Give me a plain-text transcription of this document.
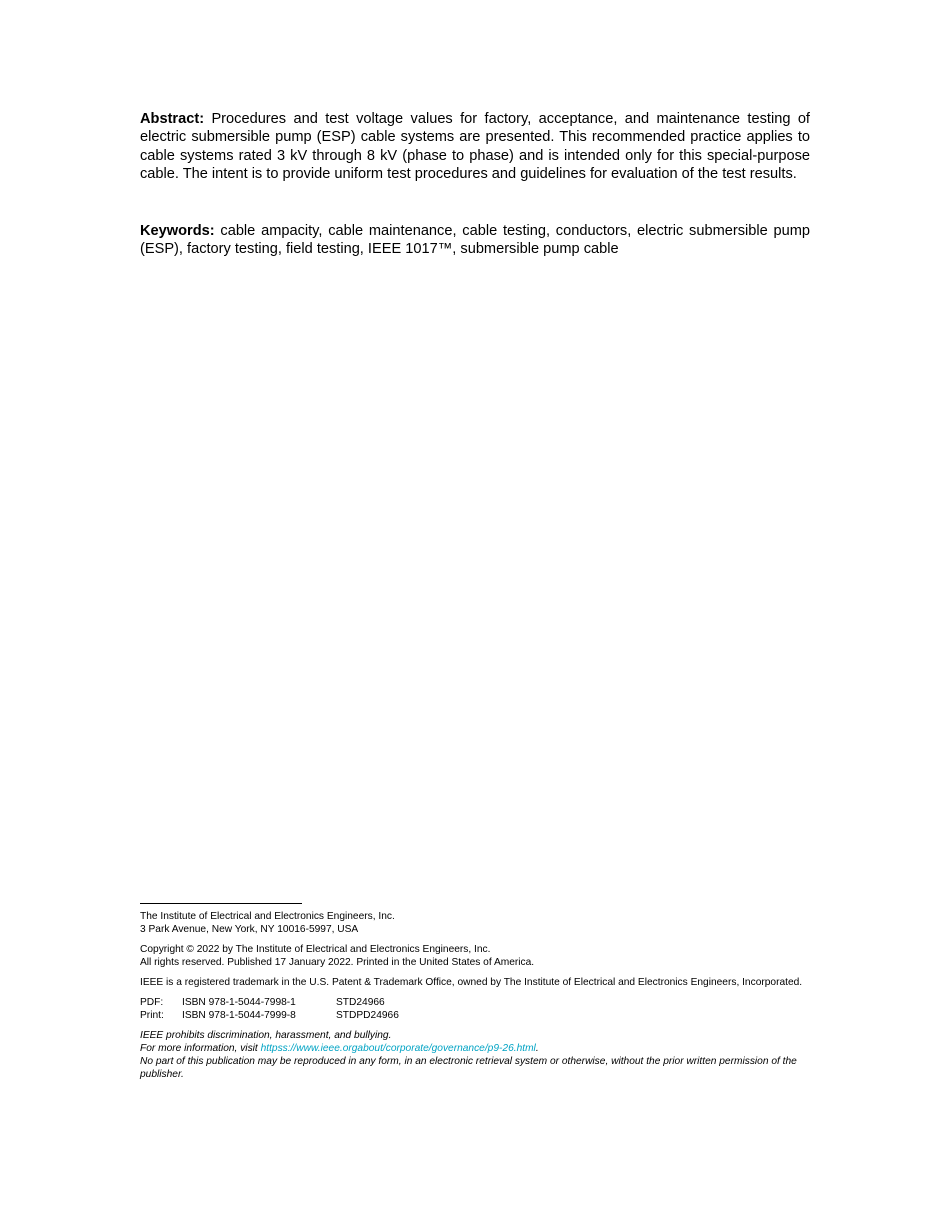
Abstract: Procedures and test voltage values for factory, acceptance, and maintenance testing of electric submersible pump (ESP) cable systems are presented. This recommended practice applies to cable systems rated 3 kV through 8 kV (phase to phase) and is intended only for this special-purpose cable. The intent is to provide uniform test procedures and guidelines for evaluation of the test results.
Keywords: cable ampacity, cable maintenance, cable testing, conductors, electric submersible pump (ESP), factory testing, field testing, IEEE 1017™, submersible pump cable

The Institute of Electrical and Electronics Engineers, Inc.

3 Park Avenue, New York, NY 10016-5997, USA

Copyright © 2022 by The Institute of Electrical and Electronics Engineers, Inc.

All rights reserved. Published 17 January 2022. Printed in the United States of America.

IEEE is a registered trademark in the U.S. Patent & Trademark Office, owned by The Institute of Electrical and Electronics Engineers, Incorporated.

PDF:	ISBN 978-1-5044-7998-1	STD24966
Print:	ISBN 978-1-5044-7999-8	STDPD24966

IEEE prohibits discrimination, harassment, and bullying.

For more information, visit httpss://www.ieee.orgabout/corporate/governance/p9-26.html.

No part of this publication may be reproduced in any form, in an electronic retrieval system or otherwise, without the prior written permission of the publisher.
